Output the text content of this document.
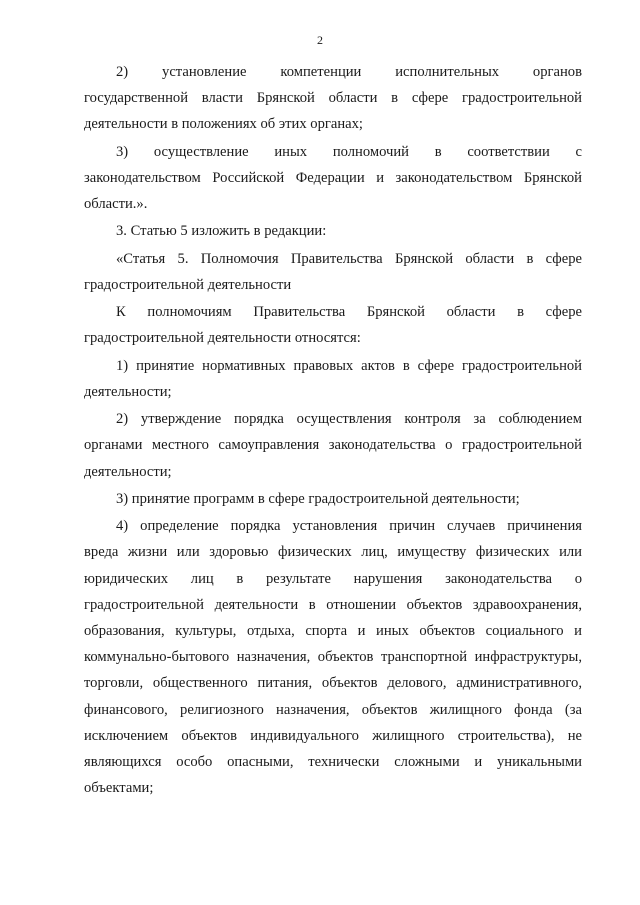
2
2) установление компетенции исполнительных органов
государственной власти Брянской области в сфере градостроительной
деятельности в положениях об этих органах;
3) осуществление иных полномочий в соответствии с
законодательством Российской Федерации и законодательством Брянской
области.».
3. Статью 5 изложить в редакции:
«Статья 5. Полномочия Правительства Брянской области в сфере
градостроительной деятельности
К полномочиям Правительства Брянской области в сфере
градостроительной деятельности относятся:
1) принятие нормативных правовых актов в сфере градостроительной
деятельности;
2) утверждение порядка осуществления контроля за соблюдением
органами местного самоуправления законодательства о градостроительной
деятельности;
3) принятие программ в сфере градостроительной деятельности;
4) определение порядка установления причин случаев причинения
вреда жизни или здоровью физических лиц, имуществу физических или
юридических лиц в результате нарушения законодательства о
градостроительной деятельности в отношении объектов здравоохранения,
образования, культуры, отдыха, спорта и иных объектов социального и
коммунально-бытового назначения, объектов транспортной инфраструктуры,
торговли, общественного питания, объектов делового, административного,
финансового, религиозного назначения, объектов жилищного фонда (за
исключением объектов индивидуального жилищного строительства), не
являющихся особо опасными, технически сложными и уникальными
объектами;
